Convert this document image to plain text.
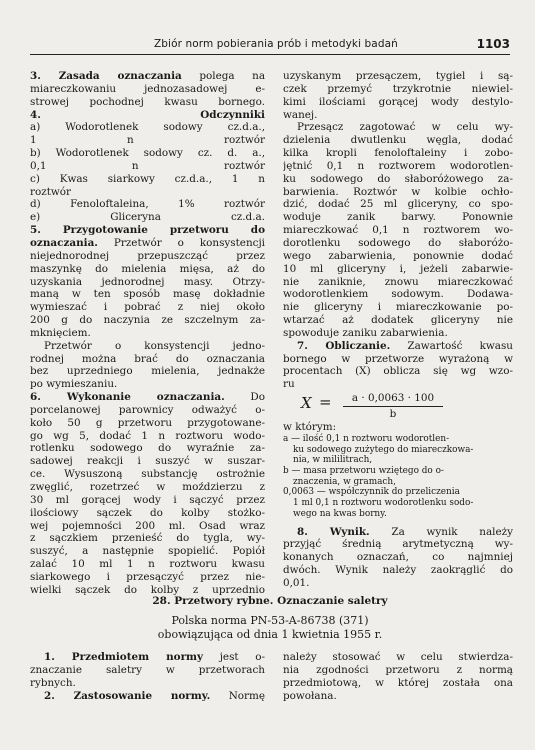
Zbiór norm pobierania prób i metodyki badań	1103
3. Zasada oznaczania polega na
miareczkowaniu jednozasadowej e-
strowej pochodnej kwasu bornego.
4. Odczynniki
a) Wodorotlenek sodowy cz.d.a.,
1 n roztwór
b) Wodorotlenek sodowy cz. d. a.,
0,1 n roztwór
c) Kwas siarkowy cz.d.a., 1 n
roztwór
d) Fenoloftaleina, 1% roztwór
e) Gliceryna cz.d.a.
5. Przygotowanie przetworu do
oznaczania. Przetwór o konsystencji
niejednorodnej przepuszcząć przez
maszynkę do mielenia mięsa, aż do
uzyskania jednorodnej masy. Otrzy-
maną w ten sposób masę dokładnie
wymieszać i pobrać z niej około
200 g do naczynia ze szczelnym za-
mknięciem.
Przetwór o konsystencji jedno-
rodnej można brać do oznaczania
bez uprzedniego mielenia, jednakże
po wymieszaniu.
6. Wykonanie oznaczania. Do
porcelanowej parownicy odważyć o-
koło 50 g przetworu przygotowane-
go wg 5, dodać 1 n roztworu wodo-
rotlenku sodowego do wyraźnie za-
sadowej reakcji i suszyć w suszar-
ce. Wysuszoną substancję ostrożnie
zwęglić, rozetrzeć w moździerzu z
30 ml gorącej wody i sączyć przez
ilościowy sączek do kolby stożko-
wej pojemności 200 ml. Osad wraz
z sączkiem przenieść do tygla, wy-
suszyć, a następnie spopielić. Popiół
zalać 10 ml 1 n roztworu kwasu
siarkowego i przesączyć przez nie-
wielki sączek do kolby z uprzednio
uzyskanym przesączem, tygiel i są-
czek przemyć trzykrotnie niewiel-
kimi ilościami gorącej wody destylo-
wanej.
Przesącz zagotować w celu wy-
dzielenia dwutlenku węgla, dodać
kilka kropli fenoloftaleiny i zobo-
jętnić 0,1 n roztworem wodorotlen-
ku sodowego do słaboróżowego za-
barwienia. Roztwór w kolbie ochło-
dzić, dodać 25 ml gliceryny, co spo-
woduje zanik barwy. Ponownie
miareczkować 0,1 n roztworem wo-
dorotlenku sodowego do słaboróżo-
wego zabarwienia, ponownie dodać
10 ml gliceryny i, jeżeli zabarwie-
nie zaniknie, znowu miareczkować
wodorotlenkiem sodowym. Dodawa-
nie gliceryny i miareczkowanie po-
wtarzać aż dodatek gliceryny nie
spowoduje zaniku zabarwienia.
7. Obliczanie. Zawartość kwasu
bornego w przetworze wyrażoną w
procentach (X) oblicza się wg wzo-
ru
X =	a · 0,0063 · 100
b
w którym:
a — ilość 0,1 n roztworu wodorotlen-
ku sodowego zużytego do miareczkowa-
nia, w mililitrach,
b — masa przetworu wziętego do o-
znaczenia, w gramach,
0,0063 — współczynnik do przeliczenia
1 ml 0,1 n roztworu wodorotlenku sodo-
wego na kwas borny.
8. Wynik. Za wynik należy
przyjąć średnią arytmetyczną wy-
konanych oznaczań, co najmniej
dwóch. Wynik należy zaokrąglić do
0,01.
28. Przetwory rybne. Oznaczanie saletry
Polska norma PN-53-A-86738 (371)
obowiązująca od dnia 1 kwietnia 1955 r.
1. Przedmiotem normy jest o-
znaczanie saletry w przetworach
rybnych.
2. Zastosowanie normy. Normę
należy stosować w celu stwierdza-
nia zgodności przetworu z normą
przedmiotową, w której została ona
powołana.
